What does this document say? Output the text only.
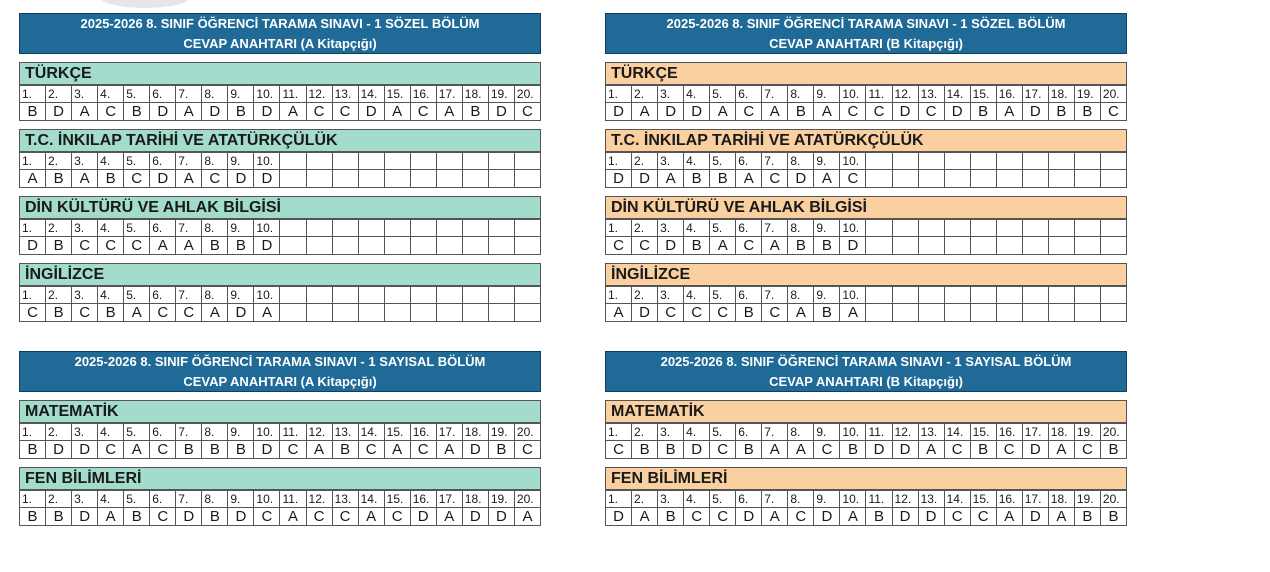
2025-2026 8. SINIF ÖĞRENCİ TARAMA SINAVI - 1 SÖZEL BÖLÜM
CEVAP ANAHTARI (A Kitapçığı)
TÜRKÇE
1.	2.	3.	4.	5.	6.	7.	8.	9.	10.	11.	12.	13.	14.	15.	16.	17.	18.	19.	20.
B	D	A	C	B	D	A	D	B	D	A	C	C	D	A	C	A	B	D	C
T.C. İNKILAP TARİHİ VE ATATÜRKÇÜLÜK
1.	2.	3.	4.	5.	6.	7.	8.	9.	10.										
A	B	A	B	C	D	A	C	D	D										
DİN KÜLTÜRÜ VE AHLAK BİLGİSİ
1.	2.	3.	4.	5.	6.	7.	8.	9.	10.										
D	B	C	C	C	A	A	B	B	D										
İNGİLİZCE
1.	2.	3.	4.	5.	6.	7.	8.	9.	10.										
C	B	C	B	A	C	C	A	D	A										
2025-2026 8. SINIF ÖĞRENCİ TARAMA SINAVI - 1 SÖZEL BÖLÜM
CEVAP ANAHTARI (B Kitapçığı)
TÜRKÇE
1.	2.	3.	4.	5.	6.	7.	8.	9.	10.	11.	12.	13.	14.	15.	16.	17.	18.	19.	20.
D	A	D	D	A	C	A	B	A	C	C	D	C	D	B	A	D	B	B	C
T.C. İNKILAP TARİHİ VE ATATÜRKÇÜLÜK
1.	2.	3.	4.	5.	6.	7.	8.	9.	10.										
D	D	A	B	B	A	C	D	A	C										
DİN KÜLTÜRÜ VE AHLAK BİLGİSİ
1.	2.	3.	4.	5.	6.	7.	8.	9.	10.										
C	C	D	B	A	C	A	B	B	D										
İNGİLİZCE
1.	2.	3.	4.	5.	6.	7.	8.	9.	10.										
A	D	C	C	C	B	C	A	B	A										
2025-2026 8. SINIF ÖĞRENCİ TARAMA SINAVI - 1 SAYISAL BÖLÜM
CEVAP ANAHTARI (A Kitapçığı)
MATEMATİK
1.	2.	3.	4.	5.	6.	7.	8.	9.	10.	11.	12.	13.	14.	15.	16.	17.	18.	19.	20.
B	D	D	C	A	C	B	B	B	D	C	A	B	C	A	C	A	D	B	C
FEN BİLİMLERİ
1.	2.	3.	4.	5.	6.	7.	8.	9.	10.	11.	12.	13.	14.	15.	16.	17.	18.	19.	20.
B	B	D	A	B	C	D	B	D	C	A	C	C	A	C	D	A	D	D	A
2025-2026 8. SINIF ÖĞRENCİ TARAMA SINAVI - 1 SAYISAL BÖLÜM
CEVAP ANAHTARI (B Kitapçığı)
MATEMATİK
1.	2.	3.	4.	5.	6.	7.	8.	9.	10.	11.	12.	13.	14.	15.	16.	17.	18.	19.	20.
C	B	B	D	C	B	A	A	C	B	D	D	A	C	B	C	D	A	C	B
FEN BİLİMLERİ
1.	2.	3.	4.	5.	6.	7.	8.	9.	10.	11.	12.	13.	14.	15.	16.	17.	18.	19.	20.
D	A	B	C	C	D	A	C	D	A	B	D	D	C	C	A	D	A	B	B
